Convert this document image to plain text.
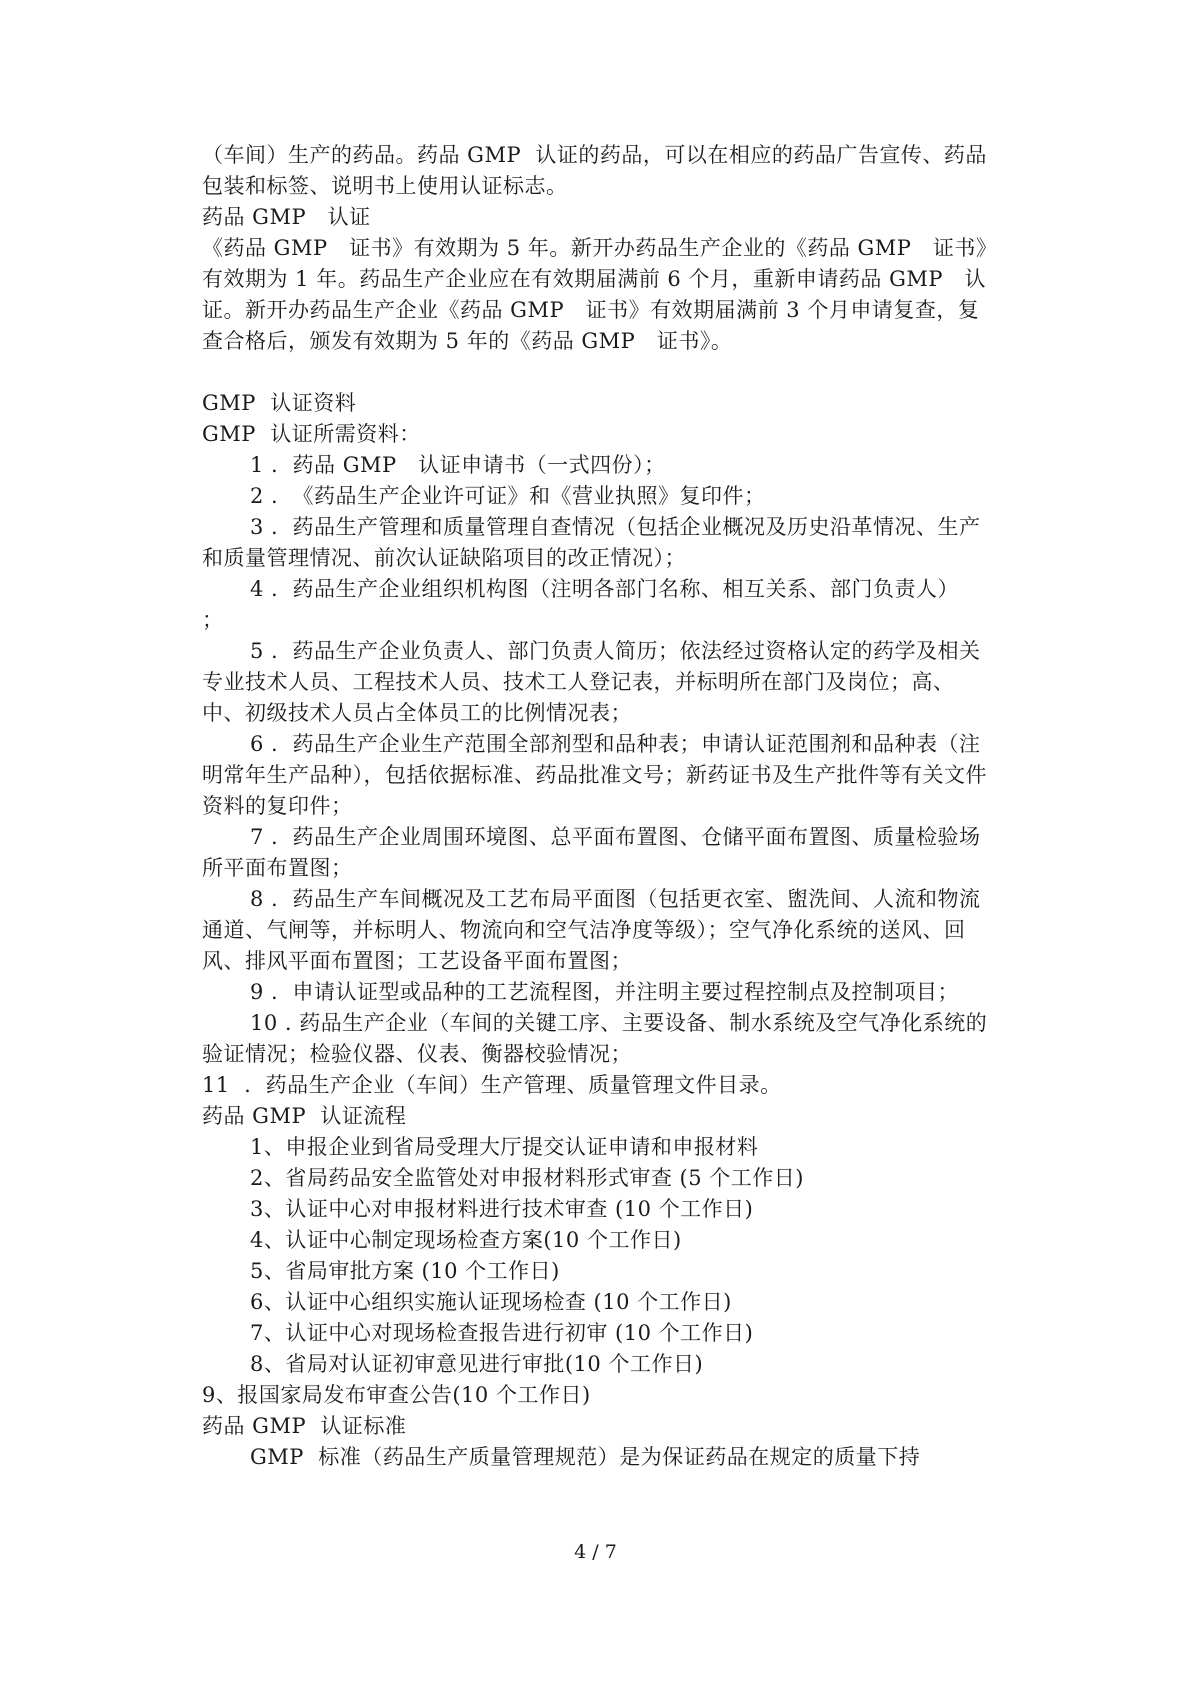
（车间）生产的药品。药品 GMP  认证的药品，可以在相应的药品广告宣传、药品包装和标签、说明书上使用认证标志。

药品 GMP   认证

《药品 GMP   证书》有效期为 5 年。新开办药品生产企业的《药品 GMP   证书》有效期为 1 年。药品生产企业应在有效期届满前 6 个月，重新申请药品 GMP   认证。新开办药品生产企业《药品 GMP   证书》有效期届满前 3 个月申请复查，复查合格后，颁发有效期为 5 年的《药品 GMP   证书》。

GMP  认证资料

GMP  认证所需资料：

1 .  药品 GMP   认证申请书（一式四份）；

2 .  《药品生产企业许可证》和《营业执照》复印件；

3 .  药品生产管理和质量管理自查情况（包括企业概况及历史沿革情况、生产和质量管理情况、前次认证缺陷项目的改正情况）；

4 .  药品生产企业组织机构图（注明各部门名称、相互关系、部门负责人）  ；

5 .  药品生产企业负责人、部门负责人简历；依法经过资格认定的药学及相关专业技术人员、工程技术人员、技术工人登记表，并标明所在部门及岗位；高、中、初级技术人员占全体员工的比例情况表；

6 .  药品生产企业生产范围全部剂型和品种表；申请认证范围剂和品种表（注明常年生产品种），包括依据标准、药品批准文号；新药证书及生产批件等有关文件资料的复印件；

7 .  药品生产企业周围环境图、总平面布置图、仓储平面布置图、质量检验场所平面布置图；

8 .  药品生产车间概况及工艺布局平面图（包括更衣室、盥洗间、人流和物流通道、气闸等，并标明人、物流向和空气洁净度等级）；空气净化系统的送风、回风、排风平面布置图；工艺设备平面布置图；

9 .  申请认证型或品种的工艺流程图，并注明主要过程控制点及控制项目；

10 . 药品生产企业（车间的关键工序、主要设备、制水系统及空气净化系统的验证情况；检验仪器、仪表、衡器校验情况；

11  .  药品生产企业（车间）生产管理、质量管理文件目录。

药品 GMP  认证流程

1、申报企业到省局受理大厅提交认证申请和申报材料

2、省局药品安全监管处对申报材料形式审查 (5 个工作日)

3、认证中心对申报材料进行技术审查 (10 个工作日)

4、认证中心制定现场检查方案(10 个工作日)

5、省局审批方案 (10 个工作日)

6、认证中心组织实施认证现场检查 (10 个工作日)

7、认证中心对现场检查报告进行初审 (10 个工作日)

8、省局对认证初审意见进行审批(10 个工作日)

9、报国家局发布审查公告(10 个工作日)

药品 GMP  认证标准

GMP  标准（药品生产质量管理规范）是为保证药品在规定的质量下持

4 / 7
